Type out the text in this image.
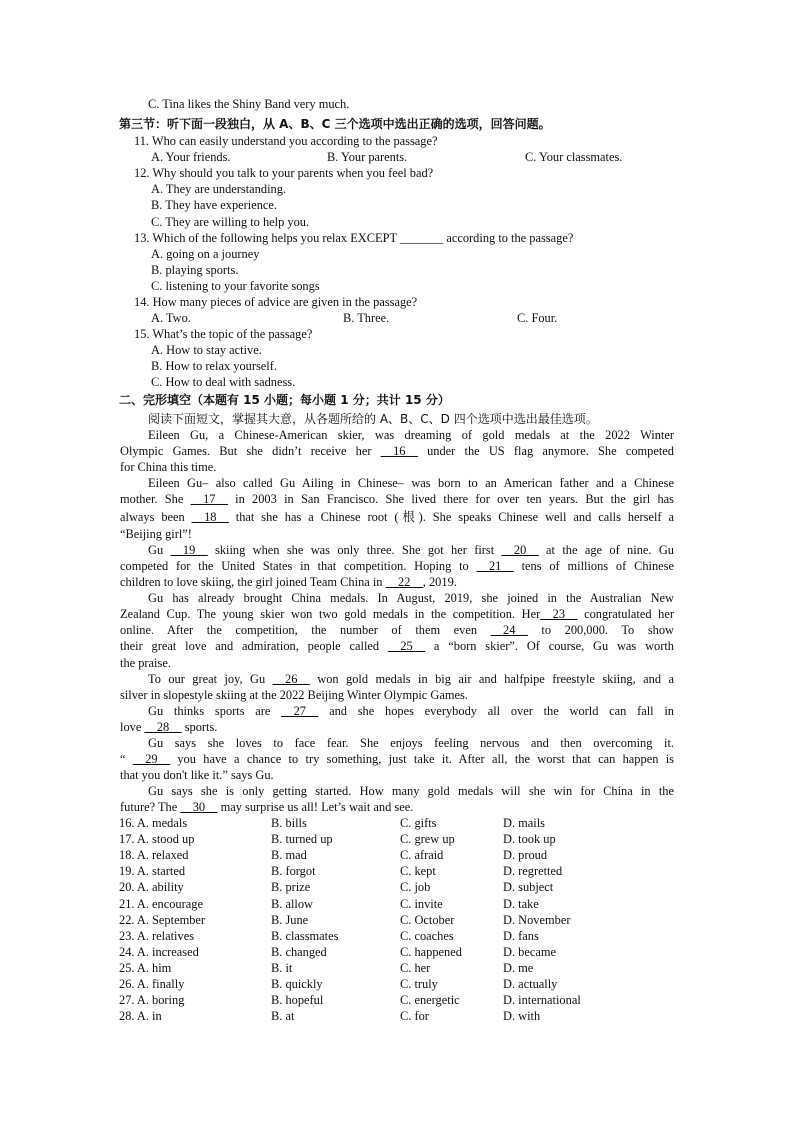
C. Tina likes the Shiny Band very much.
第三节：听下面一段独白，从 A、B、C 三个选项中选出正确的选项，回答问题。
11. Who can easily understand you according to the passage?
A. Your friends.	B. Your parents.	C. Your classmates.
12. Why should you talk to your parents when you feel bad?
A. They are understanding.
B. They have experience.
C. They are willing to help you.
13. Which of the following helps you relax EXCEPT _______ according to the passage?
A. going on a journey
B. playing sports.
C. listening to your favorite songs
14. How many pieces of advice are given in the passage?
A. Two.	B. Three.	C. Four.
15. What’s the topic of the passage?
A. How to stay active.
B. How to relax yourself.
C. How to deal with sadness.
二、完形填空（本题有 15 小题；每小题 1 分；共计 15 分）
阅读下面短文，掌握其大意，从各题所给的 A、B、C、D 四个选项中选出最佳选项。
Eileen Gu, a Chinese-American skier, was dreaming of gold medals at the 2022 Winter
Olympic Games. But she didn’t receive her __16__ under the US flag anymore. She competed
for China this time.
Eileen Gu– also called Gu Ailing in Chinese– was born to an American father and a Chinese
mother. She __17__ in 2003 in San Francisco. She lived there for over ten years. But the girl has
always been __18__ that she has a Chinese root (根). She speaks Chinese well and calls herself a
“Beijing girl”!
Gu __19__ skiing when she was only three. She got her first __20__ at the age of nine. Gu
competed for the United States in that competition. Hoping to __21__ tens of millions of Chinese
children to love skiing, the girl joined Team China in __22__, 2019.
Gu has already brought China medals. In August, 2019, she joined in the Australian New
Zealand Cup. The young skier won two gold medals in the competition. Her__23__ congratulated her
online. After the competition, the number of them even __24__ to 200,000. To show
their great love and admiration, people called __25__ a “born skier”. Of course, Gu was worth
the praise.
To our great joy, Gu __26__ won gold medals in big air and halfpipe freestyle skiing, and a
silver in slopestyle skiing at the 2022 Beijing Winter Olympic Games.
Gu thinks sports are __27__ and she hopes everybody all over the world can fall in
love __28__ sports.
Gu says she loves to face fear. She enjoys feeling nervous and then overcoming it.
“ __29__ you have a chance to try something, just take it. After all, the worst that can happen is
that you don't like it.” says Gu.
Gu says she is only getting started. How many gold medals will she win for China in the
future? The __30__ may surprise us all! Let’s wait and see.
16. A. medals	B. bills	C. gifts	D. mails
17. A. stood up	B. turned up	C. grew up	D. took up
18. A. relaxed	B. mad	C. afraid	D. proud
19. A. started	B. forgot	C. kept	D. regretted
20. A. ability	B. prize	C. job	D. subject
21. A. encourage	B. allow	C. invite	D. take
22. A. September	B. June	C. October	D. November
23. A. relatives	B. classmates	C. coaches	D. fans
24. A. increased	B. changed	C. happened	D. became
25. A. him	B. it	C. her	D. me
26. A. finally	B. quickly	C. truly	D. actually
27. A. boring	B. hopeful	C. energetic	D. international
28. A. in	B. at	C. for	D. with
